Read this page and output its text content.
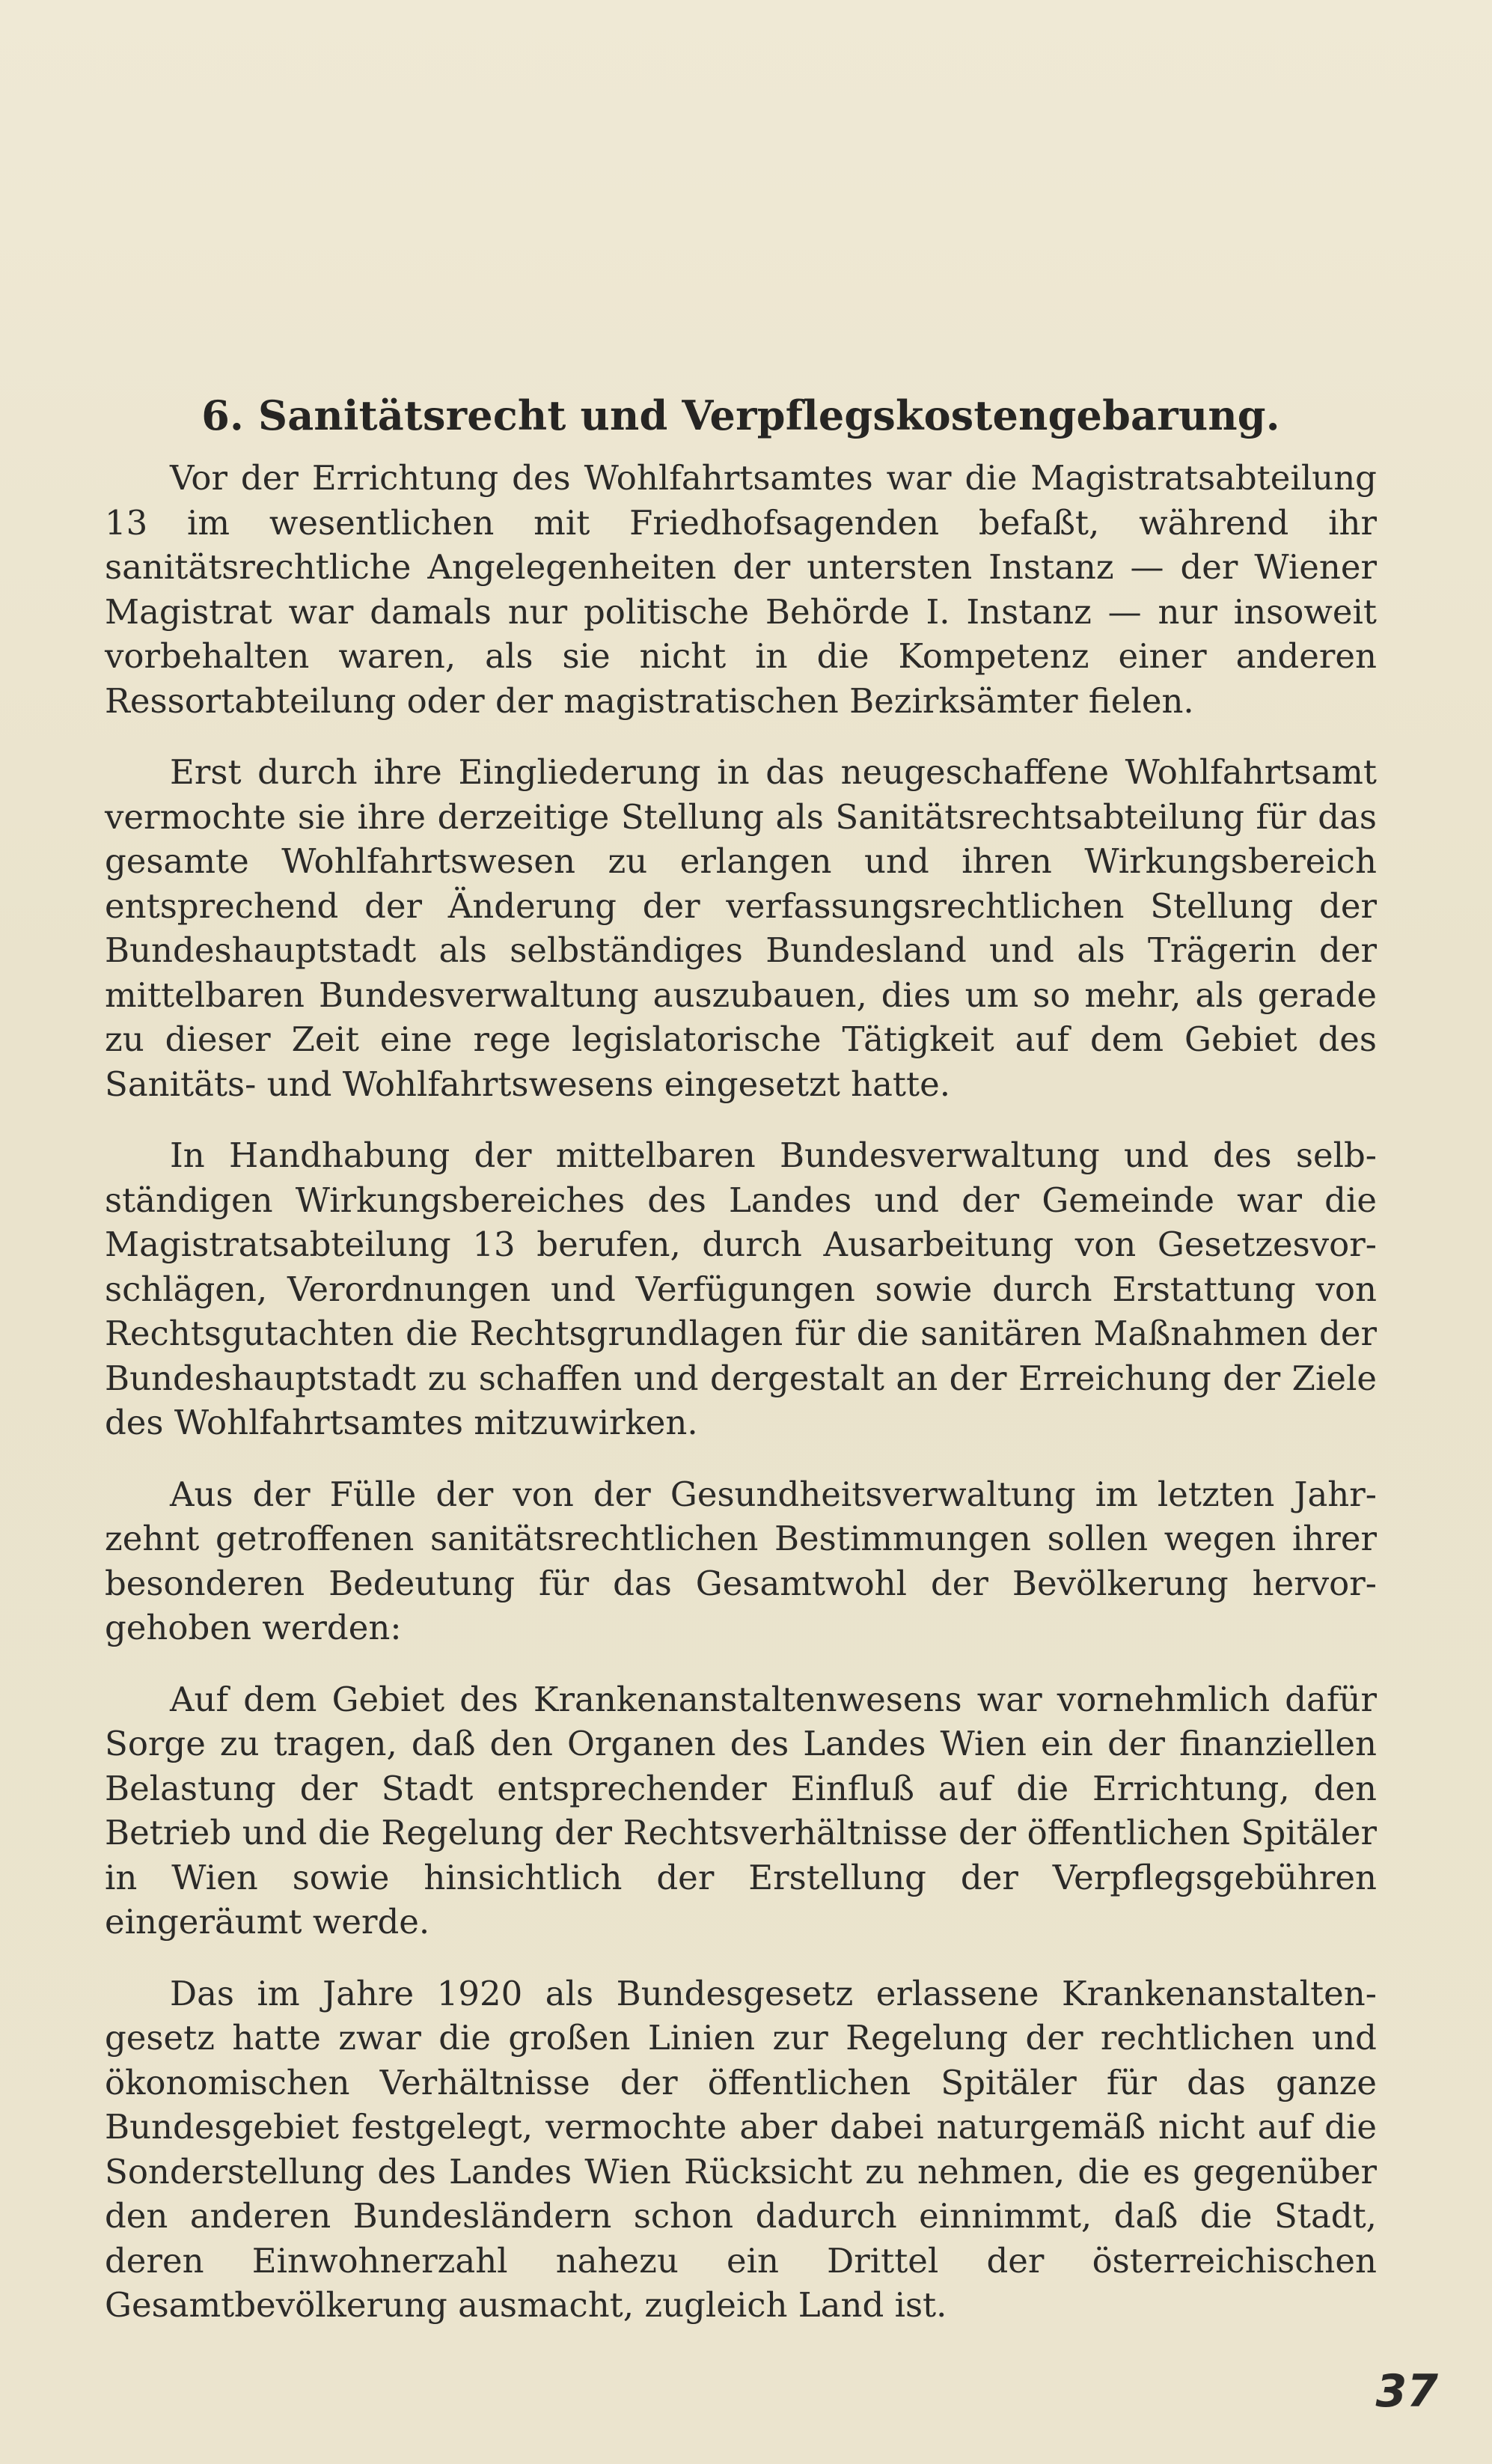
6. Sanitätsrecht und Verpflegskostengebarung.

Vor der Errichtung des Wohlfahrtsamtes war die Magistratsabteilung 13 im wesentlichen mit Friedhofsagenden befaßt, während ihr sanitätsrechtliche Angelegenheiten der untersten Instanz — der Wiener Magistrat war damals nur politische Behörde I. Instanz — nur insoweit vorbehalten waren, als sie nicht in die Kompetenz einer anderen Ressortabteilung oder der magistratischen Bezirksämter fielen.

Erst durch ihre Eingliederung in das neugeschaffene Wohlfahrtsamt vermochte sie ihre derzeitige Stellung als Sanitätsrechtsabteilung für das gesamte Wohlfahrtswesen zu erlangen und ihren Wirkungsbereich entsprechend der Änderung der verfassungsrechtlichen Stellung der Bundeshauptstadt als selbständiges Bundesland und als Trägerin der mittelbaren Bundesverwaltung auszubauen, dies um so mehr, als gerade zu dieser Zeit eine rege legislatorische Tätigkeit auf dem Gebiet des Sanitäts- und Wohlfahrtswesens eingesetzt hatte.

In Handhabung der mittelbaren Bundesverwaltung und des selbständigen Wirkungsbereiches des Landes und der Gemeinde war die Magistratsabteilung 13 berufen, durch Ausarbeitung von Gesetzesvorschlägen, Verordnungen und Verfügungen sowie durch Erstattung von Rechtsgutachten die Rechtsgrundlagen für die sanitären Maßnahmen der Bundeshauptstadt zu schaffen und dergestalt an der Erreichung der Ziele des Wohlfahrtsamtes mitzuwirken.

Aus der Fülle der von der Gesundheitsverwaltung im letzten Jahrzehnt getroffenen sanitätsrechtlichen Bestimmungen sollen wegen ihrer besonderen Bedeutung für das Gesamtwohl der Bevölkerung hervorgehoben werden:

Auf dem Gebiet des Krankenanstaltenwesens war vornehmlich dafür Sorge zu tragen, daß den Organen des Landes Wien ein der finanziellen Belastung der Stadt entsprechender Einfluß auf die Errichtung, den Betrieb und die Regelung der Rechtsverhältnisse der öffentlichen Spitäler in Wien sowie hinsichtlich der Erstellung der Verpflegsgebühren eingeräumt werde.

Das im Jahre 1920 als Bundesgesetz erlassene Krankenanstaltengesetz hatte zwar die großen Linien zur Regelung der rechtlichen und ökonomischen Verhältnisse der öffentlichen Spitäler für das ganze Bundesgebiet festgelegt, vermochte aber dabei naturgemäß nicht auf die Sonderstellung des Landes Wien Rücksicht zu nehmen, die es gegenüber den anderen Bundesländern schon dadurch einnimmt, daß die Stadt, deren Einwohnerzahl nahezu ein Drittel der österreichischen Gesamtbevölkerung ausmacht, zugleich Land ist.

37
